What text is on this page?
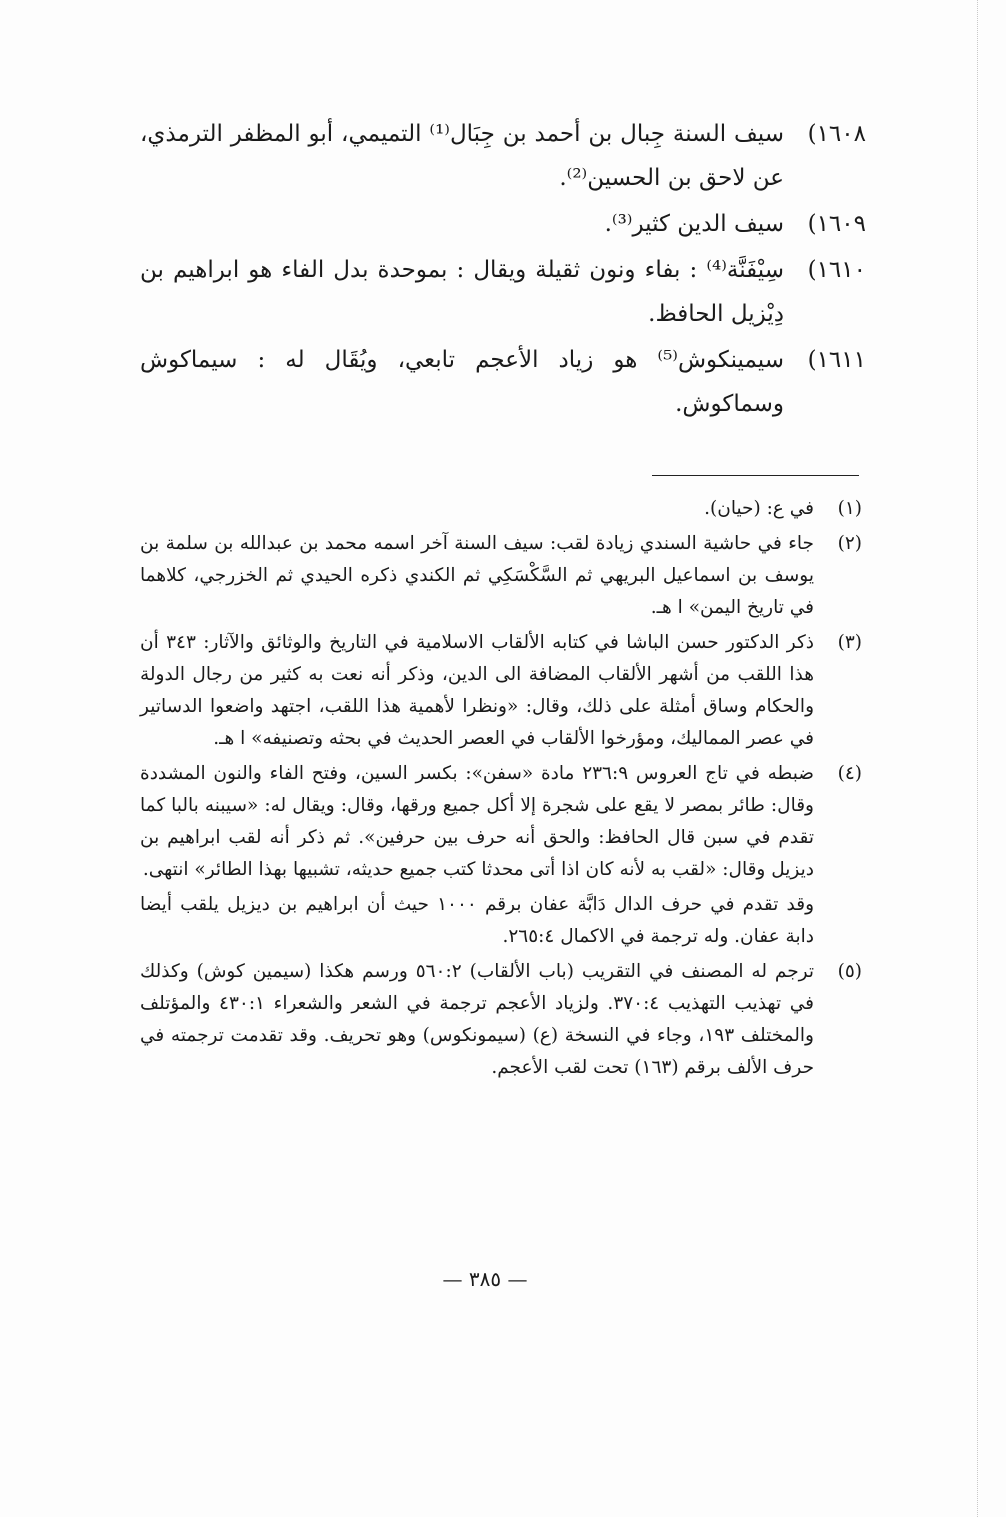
١٦٠٨)
سيف السنة جِبال بن أحمد بن جِبَال⁽¹⁾ التميمي، أبو المظفر الترمذي، عن لاحق بن الحسين⁽²⁾.
١٦٠٩)
سيف الدين كثير⁽³⁾.
١٦١٠)
سِيْفَنَّة⁽⁴⁾ : بفاء ونون ثقيلة ويقال : بموحدة بدل الفاء هو ابراهيم بن دِيْزيل الحافظ.
١٦١١)
سيمينكوش⁽⁵⁾ هو زياد الأعجم تابعي، ويُقَال له : سيماكوش وسماكوش.
(١)
في ع: (حيان).
(٢)
جاء في حاشية السندي زيادة لقب: سيف السنة آخر اسمه محمد بن عبدالله بن سلمة بن يوسف بن اسماعيل البريهي ثم السَّكْسَكِي ثم الكندي ذكره الحيدي ثم الخزرجي، كلاهما في تاريخ اليمن» ا هـ.
(٣)
ذكر الدكتور حسن الباشا في كتابه الألقاب الاسلامية في التاريخ والوثائق والآثار: ٣٤٣ أن هذا اللقب من أشهر الألقاب المضافة الى الدين، وذكر أنه نعت به كثير من رجال الدولة والحكام وساق أمثلة على ذلك، وقال: «ونظرا لأهمية هذا اللقب، اجتهد واضعوا الدساتير في عصر المماليك، ومؤرخوا الألقاب في العصر الحديث في بحثه وتصنيفه» ا هـ.
(٤)
ضبطه في تاج العروس ٢٣٦:٩ مادة «سفن»: بكسر السين، وفتح الفاء والنون المشددة وقال: طائر بمصر لا يقع على شجرة إلا أكل جميع ورقها، وقال: ويقال له: «سيبنه بالبا كما تقدم في سبن قال الحافظ: والحق أنه حرف بين حرفين». ثم ذكر أنه لقب ابراهيم بن ديزيل وقال: «لقب به لأنه كان اذا أتى محدثا كتب جميع حديثه، تشبيها بهذا الطائر» انتهى.
وقد تقدم في حرف الدال دَابَّة عفان برقم ١٠٠٠ حيث أن ابراهيم بن ديزيل يلقب أيضا دابة عفان. وله ترجمة في الاكمال ٢٦٥:٤.
(٥)
ترجم له المصنف في التقريب (باب الألقاب) ٥٦٠:٢ ورسم هكذا (سيمين كوش) وكذلك في تهذيب التهذيب ٣٧٠:٤. ولزياد الأعجم ترجمة في الشعر والشعراء ٤٣٠:١ والمؤتلف والمختلف ١٩٣، وجاء في النسخة (ع) (سيمونكوس) وهو تحريف. وقد تقدمت ترجمته في حرف الألف برقم (١٦٣) تحت لقب الأعجم.
— ٣٨٥ —
